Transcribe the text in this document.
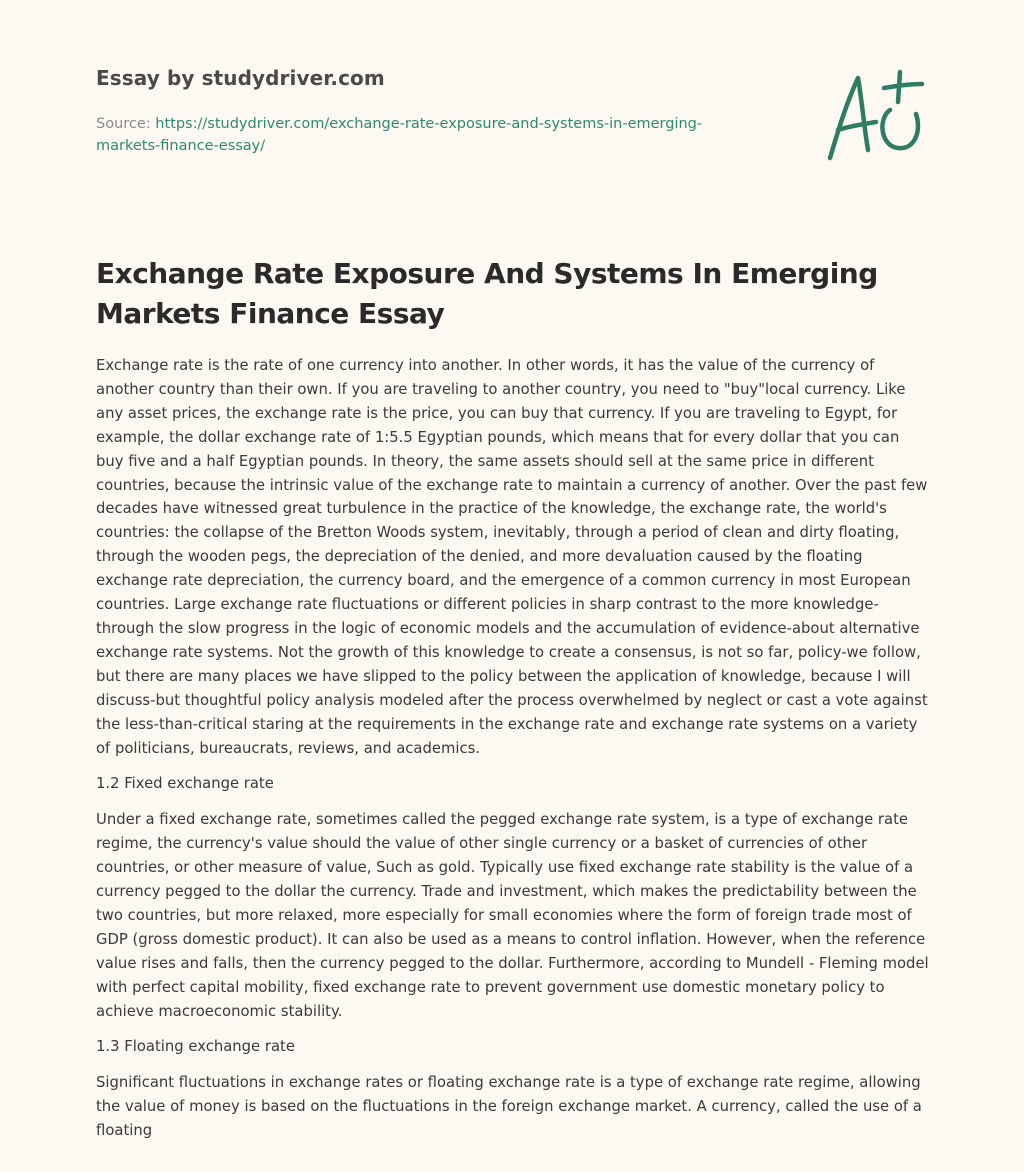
Essay by studydriver.com
Source: https://studydriver.com/exchange-rate-exposure-and-systems-in-emerging-markets-finance-essay/
Exchange Rate Exposure And Systems In Emerging Markets Finance Essay

Exchange rate is the rate of one currency into another. In other words, it has the value of the currency of another country than their own. If you are traveling to another country, you need to "buy"local currency. Like any asset prices, the exchange rate is the price, you can buy that currency. If you are traveling to Egypt, for example, the dollar exchange rate of 1:5.5 Egyptian pounds, which means that for every dollar that you can buy five and a half Egyptian pounds. In theory, the same assets should sell at the same price in different countries, because the intrinsic value of the exchange rate to maintain a currency of another. Over the past few decades have witnessed great turbulence in the practice of the knowledge, the exchange rate, the world's countries: the collapse of the Bretton Woods system, inevitably, through a period of clean and dirty floating, through the wooden pegs, the depreciation of the denied, and more devaluation caused by the floating exchange rate depreciation, the currency board, and the emergence of a common currency in most European countries. Large exchange rate fluctuations or different policies in sharp contrast to the more knowledge-through the slow progress in the logic of economic models and the accumulation of evidence-about alternative exchange rate systems. Not the growth of this knowledge to create a consensus, is not so far, policy-we follow, but there are many places we have slipped to the policy between the application of knowledge, because I will discuss-but thoughtful policy analysis modeled after the process overwhelmed by neglect or cast a vote against the less-than-critical staring at the requirements in the exchange rate and exchange rate systems on a variety of politicians, bureaucrats, reviews, and academics.

1.2 Fixed exchange rate

Under a fixed exchange rate, sometimes called the pegged exchange rate system, is a type of exchange rate regime, the currency's value should the value of other single currency or a basket of currencies of other countries, or other measure of value, Such as gold. Typically use fixed exchange rate stability is the value of a currency pegged to the dollar the currency. Trade and investment, which makes the predictability between the two countries, but more relaxed, more especially for small economies where the form of foreign trade most of GDP (gross domestic product). It can also be used as a means to control inflation. However, when the reference value rises and falls, then the currency pegged to the dollar. Furthermore, according to Mundell - Fleming model with perfect capital mobility, fixed exchange rate to prevent government use domestic monetary policy to achieve macroeconomic stability.

1.3 Floating exchange rate

Significant fluctuations in exchange rates or floating exchange rate is a type of exchange rate regime, allowing the value of money is based on the fluctuations in the foreign exchange market. A currency, called the use of a floating
